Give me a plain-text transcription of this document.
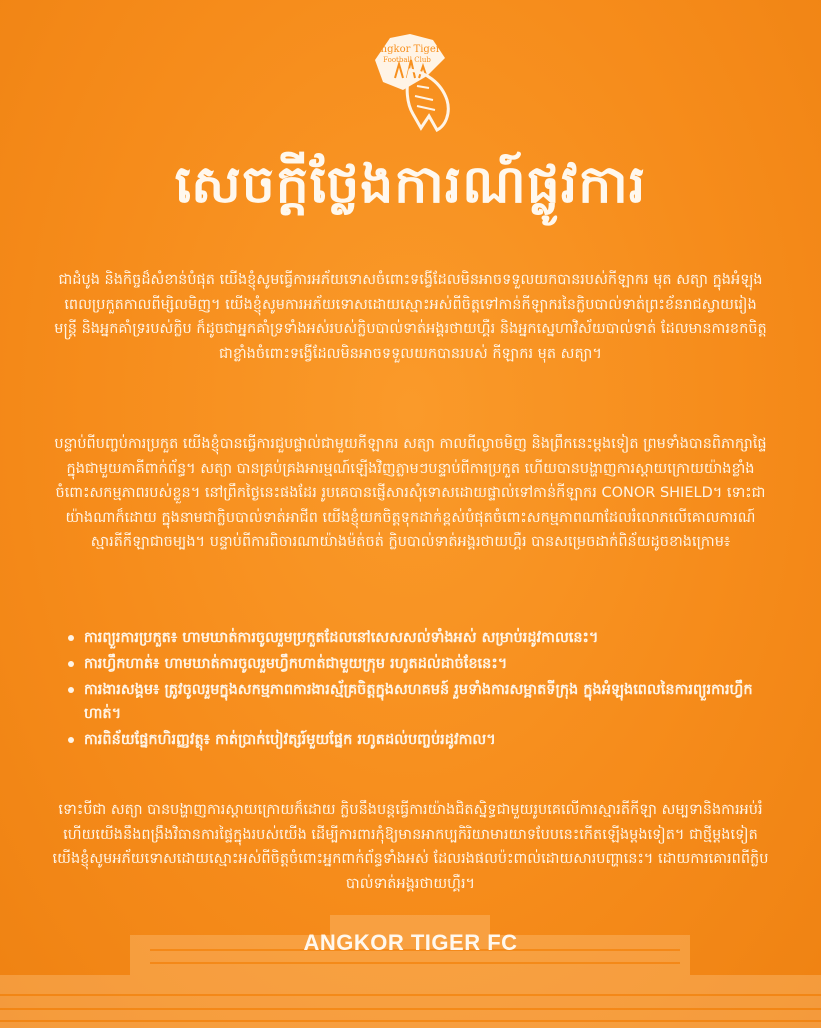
Angkor Tiger
Football Club
សេចក្តីថ្លែងការណ៍ផ្លូវការ

ជាដំបូង និងកិច្ចដ៏សំខាន់បំផុត យើងខ្ញុំសូមធ្វើការអភ័យទោសចំពោះទង្វើដែលមិនអាចទទួលយកបានរបស់កីឡាករ មុត សត្យា ក្នុងអំឡុងពេលប្រកួតកាលពីម្សិលមិញ។ យើងខ្ញុំសូមការអភ័យទោសដោយស្មោះអស់ពីចិត្តទៅកាន់កីឡាករនៃក្លិបបាល់ទាត់ព្រះខ័នរាជស្វាយរៀង មន្ត្រី និងអ្នកគាំទ្ររបស់ក្លិប ក៏ដូចជាអ្នកគាំទ្រទាំងអស់របស់ក្លិបបាល់ទាត់អង្គរថាយហ្គឺរ និងអ្នកស្នេហាវិស័យបាល់ទាត់ ដែលមានការខកចិត្តជាខ្លាំងចំពោះទង្វើដែលមិនអាចទទួលយកបានរបស់ កីឡាករ មុត សត្យា។

បន្ទាប់ពីបញ្ចប់ការប្រកួត យើងខ្ញុំបានធ្វើការជួបផ្ទាល់ជាមួយកីឡាករ សត្យា កាលពីល្ងាចមិញ និងព្រឹកនេះម្តងទៀត ព្រមទាំងបានពិភាក្សាផ្ទៃក្នុងជាមួយភាគីពាក់ព័ន្ធ។ សត្យា បានគ្រប់គ្រងអារម្មណ៍ឡើងវិញភ្លាមៗបន្ទាប់ពីការប្រកួត ហើយបានបង្ហាញការស្តាយក្រោយយ៉ាងខ្លាំងចំពោះសកម្មភាពរបស់ខ្លួន។ នៅព្រឹកថ្ងៃនេះផងដែរ រូបគេបានផ្ញើសារសុំទោសដោយផ្ទាល់ទៅកាន់កីឡាករ CONOR SHIELD។ ទោះជាយ៉ាងណាក៏ដោយ ក្នុងនាមជាក្លិបបាល់ទាត់អាជីព យើងខ្ញុំយកចិត្តទុកដាក់ខ្ពស់បំផុតចំពោះសកម្មភាពណាដែលរំលោភលើគោលការណ៍ស្មារតីកីឡាជាចម្បង។ បន្ទាប់ពីការពិចារណាយ៉ាងម៉ត់ចត់ ក្លិបបាល់ទាត់អង្គរថាយហ្គឺរ បានសម្រេចដាក់ពិន័យដូចខាងក្រោម៖

ការព្យួរការប្រកួត៖ ហាមឃាត់ការចូលរួមប្រកួតដែលនៅសេសសល់ទាំងអស់ សម្រាប់រដូវកាលនេះ។
ការហ្វឹកហាត់៖ ហាមឃាត់ការចូលរួមហ្វឹកហាត់ជាមួយក្រុម រហូតដល់ដាច់ខែនេះ។
ការងារសង្គម៖ ត្រូវចូលរួមក្នុងសកម្មភាពការងារស្ម័គ្រចិត្តក្នុងសហគមន៍ រួមទាំងការសម្អាតទីក្រុង ក្នុងអំឡុងពេលនៃការព្យួរការហ្វឹកហាត់។
ការពិន័យផ្នែកហិរញ្ញវត្ថុ៖ កាត់ប្រាក់បៀវត្សរ៍មួយផ្នែក រហូតដល់បញ្ចប់រដូវកាល។

ទោះបីជា សត្យា បានបង្ហាញការស្តាយក្រោយក៏ដោយ ក្លិបនឹងបន្តធ្វើការយ៉ាងជិតស្និទ្ធជាមួយរូបគេលើការស្មារតីកីឡា សម្បទានិងការអប់រំ ហើយយើងនឹងពង្រឹងវិធានការផ្ទៃក្នុងរបស់យើង ដើម្បីការពារកុំឱ្យមានអាកប្បកិរិយាមារយាទបែបនេះកើតឡើងម្តងទៀត។ ជាថ្មីម្តងទៀត យើងខ្ញុំសូមអភ័យទោសដោយស្មោះអស់ពីចិត្តចំពោះអ្នកពាក់ព័ន្ធទាំងអស់ ដែលរងផលប៉ះពាល់ដោយសារបញ្ហានេះ។ ដោយការគោរពពីក្លិបបាល់ទាត់អង្គរថាយហ្គឺរ។

ANGKOR TIGER FC
